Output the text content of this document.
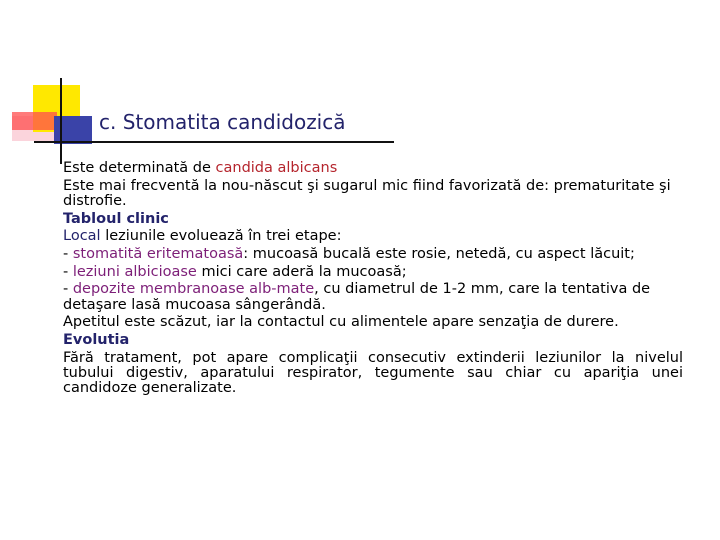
c. Stomatita candidozică

Este determinată de candida albicans

Este mai frecventă la nou-născut şi sugarul mic fiind favorizată de: prematuritate şi distrofie.

Tabloul clinic

Local leziunile evoluează în trei etape:

- stomatită eritematoasă: mucoasă bucală este rosie, netedă, cu aspect lăcuit;

- leziuni albicioase mici care aderă la mucoasă;

- depozite membranoase alb-mate, cu diametrul de 1-2 mm, care la tentativa de detaşare lasă mucoasa sângerândă.

Apetitul este scăzut, iar la contactul cu alimentele apare senzaţia de durere.

Evolutia

Fără tratament, pot apare complicaţii consecutiv extinderii leziunilor la nivelul tubului digestiv, aparatului respirator, tegumente sau chiar cu apariţia unei candidoze generalizate.
